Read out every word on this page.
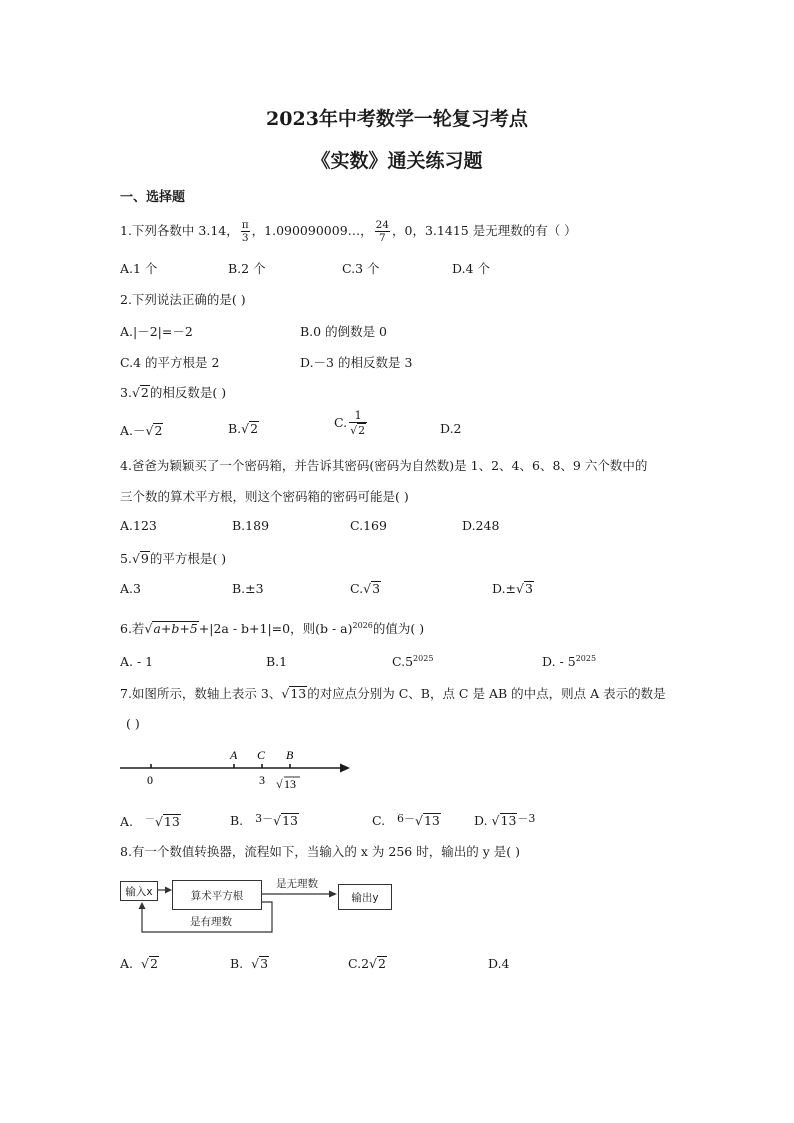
2023年中考数学一轮复习考点
《实数》通关练习题
一、选择题
1.下列各数中 3.14， $\frac{\pi}{3}$ ，1.090090009…， $\frac{24}{7}$ ，0，3.1415 是无理数的有（ ）
A.1 个	B.2 个	C.3 个	D.4 个
2.下列说法正确的是( )
A.|－2|=－2	B.0 的倒数是 0
C.4 的平方根是 2	D.－3 的相反数是 3
3.√2的相反数是( )
A.－√2	B.√2	C. $\frac{1}{√2}$	D.2
4.爸爸为颖颖买了一个密码箱，并告诉其密码(密码为自然数)是 1、2、4、6、8、9 六个数中的
三个数的算术平方根，则这个密码箱的密码可能是( )
A.123	B.189	C.169	D.248
5.√9的平方根是( )
A.3	B.±3	C.√3	D.±√3
6.若√a+b+5+|2a - b+1|=0，则(b - a)$^{2026}$的值为( )
A. - 1	B.1	$C.5^{2025}$	D. - $5^{2025}$
7.如图所示，数轴上表示 3、√13的对应点分别为 C、B，点 C 是 AB 的中点，则点 A 表示的数是
( )
A C B
0	3 √ 13
A. －√13	B. 3－√13	C. 6－√13	D. √13－3
8.有一个数值转换器，流程如下，当输入的 x 为 256 时，输出的 y 是( )
输入x	算术平方根	输出y
是无理数
是有理数
A. √2	B. √3	C.2√2	D.4
